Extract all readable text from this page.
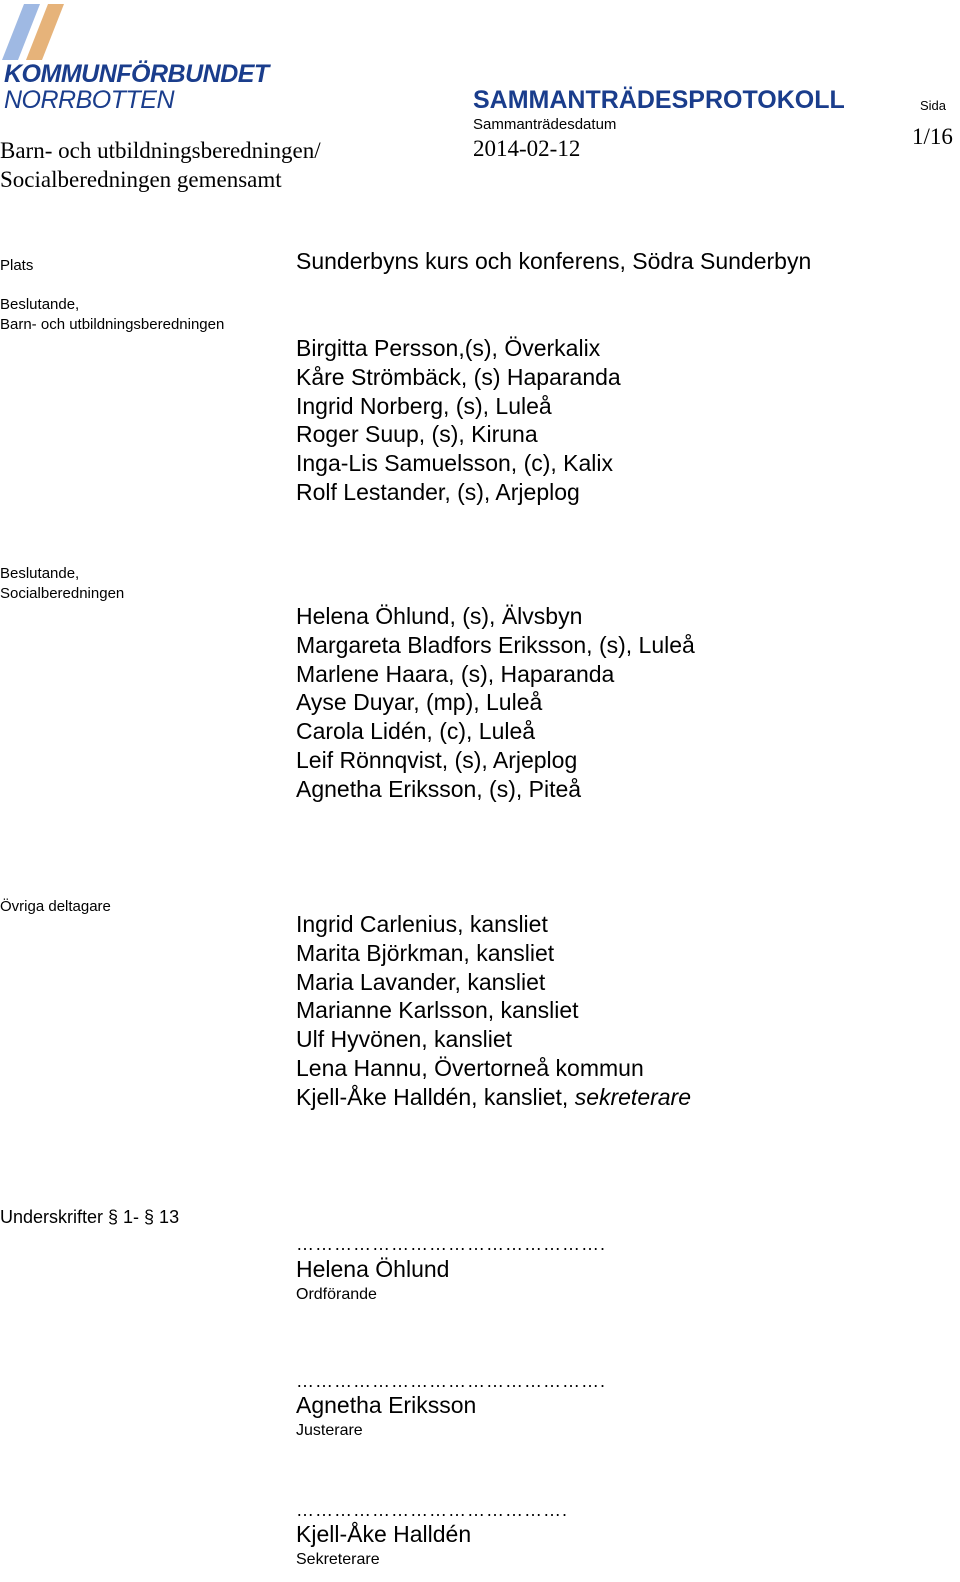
KOMMUNFÖRBUNDET
NORRBOTTEN	SAMMANTRÄDESPROTOKOLL	Sida
1/16
Sammanträdesdatum
2014-02-12
Barn- och utbildningsberedningen/
Socialberedningen gemensamt
Plats	Sunderbyns kurs och konferens, Södra Sunderbyn
Beslutande,
Barn- och utbildningsberedningen
Birgitta Persson,(s), Överkalix
Kåre Strömbäck, (s) Haparanda
Ingrid Norberg, (s), Luleå
Roger Suup, (s), Kiruna
Inga-Lis Samuelsson, (c), Kalix
Rolf Lestander, (s), Arjeplog
Beslutande,
Socialberedningen
Helena Öhlund, (s), Älvsbyn
Margareta Bladfors Eriksson, (s), Luleå
Marlene Haara, (s), Haparanda
Ayse Duyar, (mp), Luleå
Carola Lidén, (c), Luleå
Leif Rönnqvist, (s), Arjeplog
Agnetha Eriksson, (s), Piteå
Övriga deltagare
Ingrid Carlenius, kansliet
Marita Björkman, kansliet
Maria Lavander, kansliet
Marianne Karlsson, kansliet
Ulf Hyvönen, kansliet
Lena Hannu, Övertorneå kommun
Kjell-Åke Halldén, kansliet, sekreterare
Underskrifter § 1- § 13
………………………………………….
Helena Öhlund
Ordförande
………………………………………….
Agnetha Eriksson
Justerare
…………………………………….
Kjell-Åke Halldén
Sekreterare
